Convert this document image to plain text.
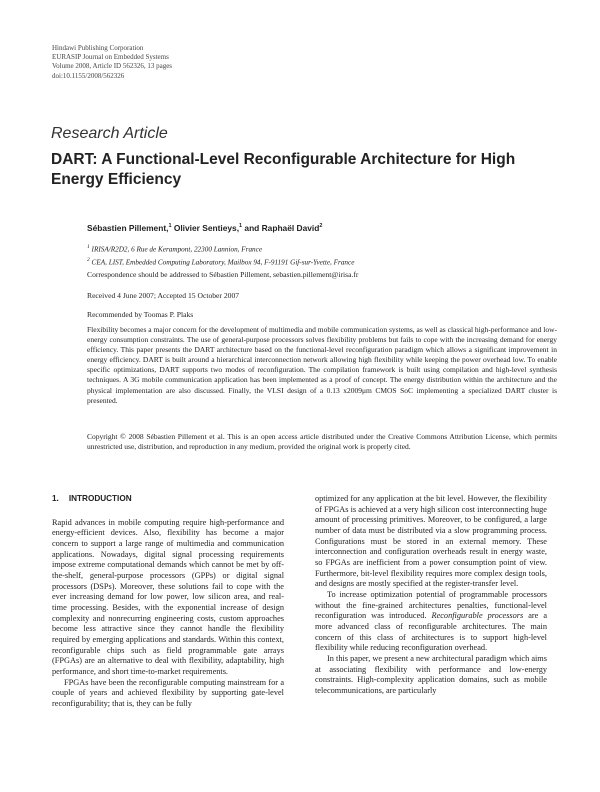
Hindawi Publishing Corporation
EURASIP Journal on Embedded Systems
Volume 2008, Article ID 562326, 13 pages
doi:10.1155/2008/562326
Research Article
DART: A Functional-Level Reconfigurable Architecture for High Energy Efficiency
Sébastien Pillement,$^1$ Olivier Sentieys,$^1$ and Raphaël David$^2$
$^1$ IRISA/R2D2, 6 Rue de Kerampont, 22300 Lannion, France
$^2$ CEA, LIST, Embedded Computing Laboratory, Mailbox 94, F-91191 Gif-sur-Yvette, France
Correspondence should be addressed to Sébastien Pillement, sebastien.pillement@irisa.fr
Received 4 June 2007; Accepted 15 October 2007
Recommended by Toomas P. Plaks
Flexibility becomes a major concern for the development of multimedia and mobile communication systems, as well as classical high-performance and low-energy consumption constraints. The use of general-purpose processors solves flexibility problems but fails to cope with the increasing demand for energy efficiency. This paper presents the DART architecture based on the functional-level reconfiguration paradigm which allows a significant improvement in energy efficiency. DART is built around a hierarchical interconnection network allowing high flexibility while keeping the power overhead low. To enable specific optimizations, DART supports two modes of reconfiguration. The compilation framework is built using compilation and high-level synthesis techniques. A 3G mobile communication application has been implemented as a proof of concept. The energy distribution within the architecture and the physical implementation are also discussed. Finally, the VLSI design of a 0.13 x2009μm CMOS SoC implementing a specialized DART cluster is presented.
Copyright © 2008 Sébastien Pillement et al. This is an open access article distributed under the Creative Commons Attribution License, which permits unrestricted use, distribution, and reproduction in any medium, provided the original work is properly cited.
1. INTRODUCTION

Rapid advances in mobile computing require high-performance and energy-efficient devices. Also, flexibility has become a major concern to support a large range of multimedia and communication applications. Nowadays, digital signal processing requirements impose extreme computational demands which cannot be met by off-the-shelf, general-purpose processors (GPPs) or digital signal processors (DSPs). Moreover, these solutions fail to cope with the ever increasing demand for low power, low silicon area, and real-time processing. Besides, with the exponential increase of design complexity and nonrecurring engineering costs, custom approaches become less attractive since they cannot handle the flexibility required by emerging applications and standards. Within this context, reconfigurable chips such as field programmable gate arrays (FPGAs) are an alternative to deal with flexibility, adaptability, high performance, and short time-to-market requirements.

FPGAs have been the reconfigurable computing mainstream for a couple of years and achieved flexibility by supporting gate-level reconfigurability; that is, they can be fully

optimized for any application at the bit level. However, the flexibility of FPGAs is achieved at a very high silicon cost interconnecting huge amount of processing primitives. Moreover, to be configured, a large number of data must be distributed via a slow programming process. Configurations must be stored in an external memory. These interconnection and configuration overheads result in energy waste, so FPGAs are inefficient from a power consumption point of view. Furthermore, bit-level flexibility requires more complex design tools, and designs are mostly specified at the register-transfer level.

To increase optimization potential of programmable processors without the fine-grained architectures penalties, functional-level reconfiguration was introduced. Reconfigurable processors are a more advanced class of reconfigurable architectures. The main concern of this class of architectures is to support high-level flexibility while reducing reconfiguration overhead.

In this paper, we present a new architectural paradigm which aims at associating flexibility with performance and low-energy constraints. High-complexity application domains, such as mobile telecommunications, are particularly
